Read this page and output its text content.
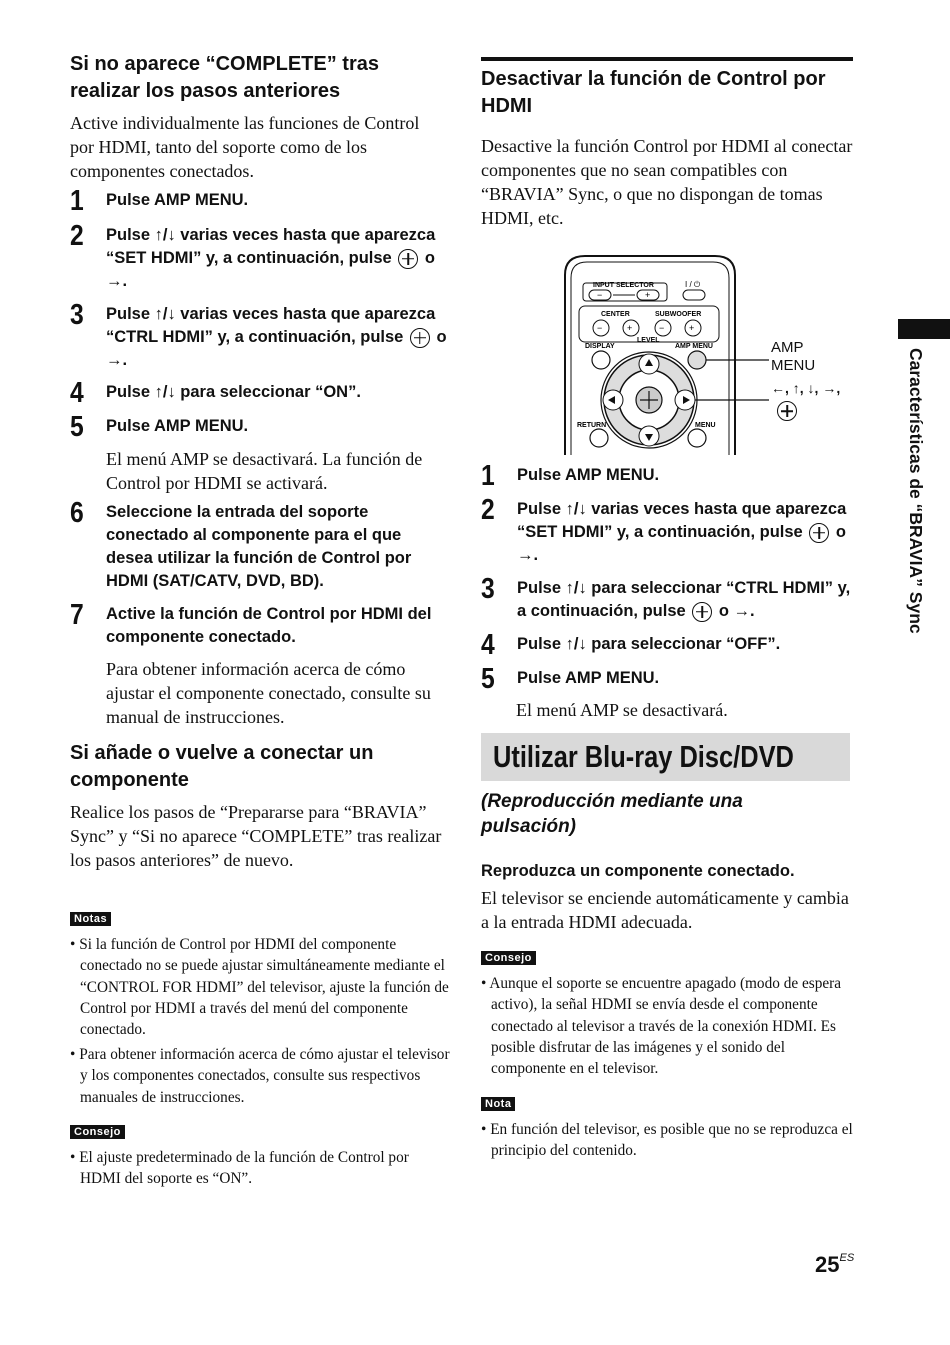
Si no aparece “COMPLETE” tras realizar los pasos anteriores

Active individualmente las funciones de Control por HDMI, tanto del soporte como de los componentes conectados.

1	Pulse AMP MENU.
2	Pulse ↑/↓ varias veces hasta que aparezca “SET HDMI” y, a continuación, pulse o →.
3	Pulse ↑/↓ varias veces hasta que aparezca “CTRL HDMI” y, a continuación, pulse o →.
4	Pulse ↑/↓ para seleccionar “ON”.
5	Pulse AMP MENU.

El menú AMP se desactivará. La función de Control por HDMI se activará.

6	Seleccione la entrada del soporte conectado al componente para el que desea utilizar la función de Control por HDMI (SAT/CATV, DVD, BD).
7	Active la función de Control por HDMI del componente conectado.

Para obtener información acerca de cómo ajustar el componente conectado, consulte su manual de instrucciones.

Si añade o vuelve a conectar un componente

Realice los pasos de “Prepararse para “BRAVIA” Sync” y “Si no aparece “COMPLETE” tras realizar los pasos anteriores” de nuevo.

Notas
• Si la función de Control por HDMI del componente conectado no se puede ajustar simultáneamente mediante el “CONTROL FOR HDMI” del televisor, ajuste la función de Control por HDMI a través del menú del componente conectado.
• Para obtener información acerca de cómo ajustar el televisor y los componentes conectados, consulte sus respectivos manuales de instrucciones.
Consejo
• El ajuste predeterminado de la función de Control por HDMI del soporte es “ON”.
Desactivar la función de Control por HDMI

Desactive la función Control por HDMI al conectar componentes que no sean compatibles con “BRAVIA” Sync, o que no dispongan de tomas HDMI, etc.

INPUT SELECTOR
−	+
I / ⏻
CENTER	SUBWOOFER
−	+	−	+
LEVEL
DISPLAY	AMP MENU
RETURN	MENU
AMP
MENU
←, ↑, ↓, →,
1	Pulse AMP MENU.
2	Pulse ↑/↓ varias veces hasta que aparezca “SET HDMI” y, a continuación, pulse o →.
3	Pulse ↑/↓ para seleccionar “CTRL HDMI” y, a continuación, pulse o →.
4	Pulse ↑/↓ para seleccionar “OFF”.
5	Pulse AMP MENU.

El menú AMP se desactivará.

Utilizar Blu-ray Disc/DVD
(Reproducción mediante una pulsación)
Reproduzca un componente conectado.

El televisor se enciende automáticamente y cambia a la entrada HDMI adecuada.

Consejo
• Aunque el soporte se encuentre apagado (modo de espera activo), la señal HDMI se envía desde el componente conectado al televisor a través de la conexión HDMI. Es posible disfrutar de las imágenes y el sonido del componente en el televisor.
Nota
• En función del televisor, es posible que no se reproduzca el principio del contenido.
Características de “BRAVIA” Sync
$25^{ES}$
